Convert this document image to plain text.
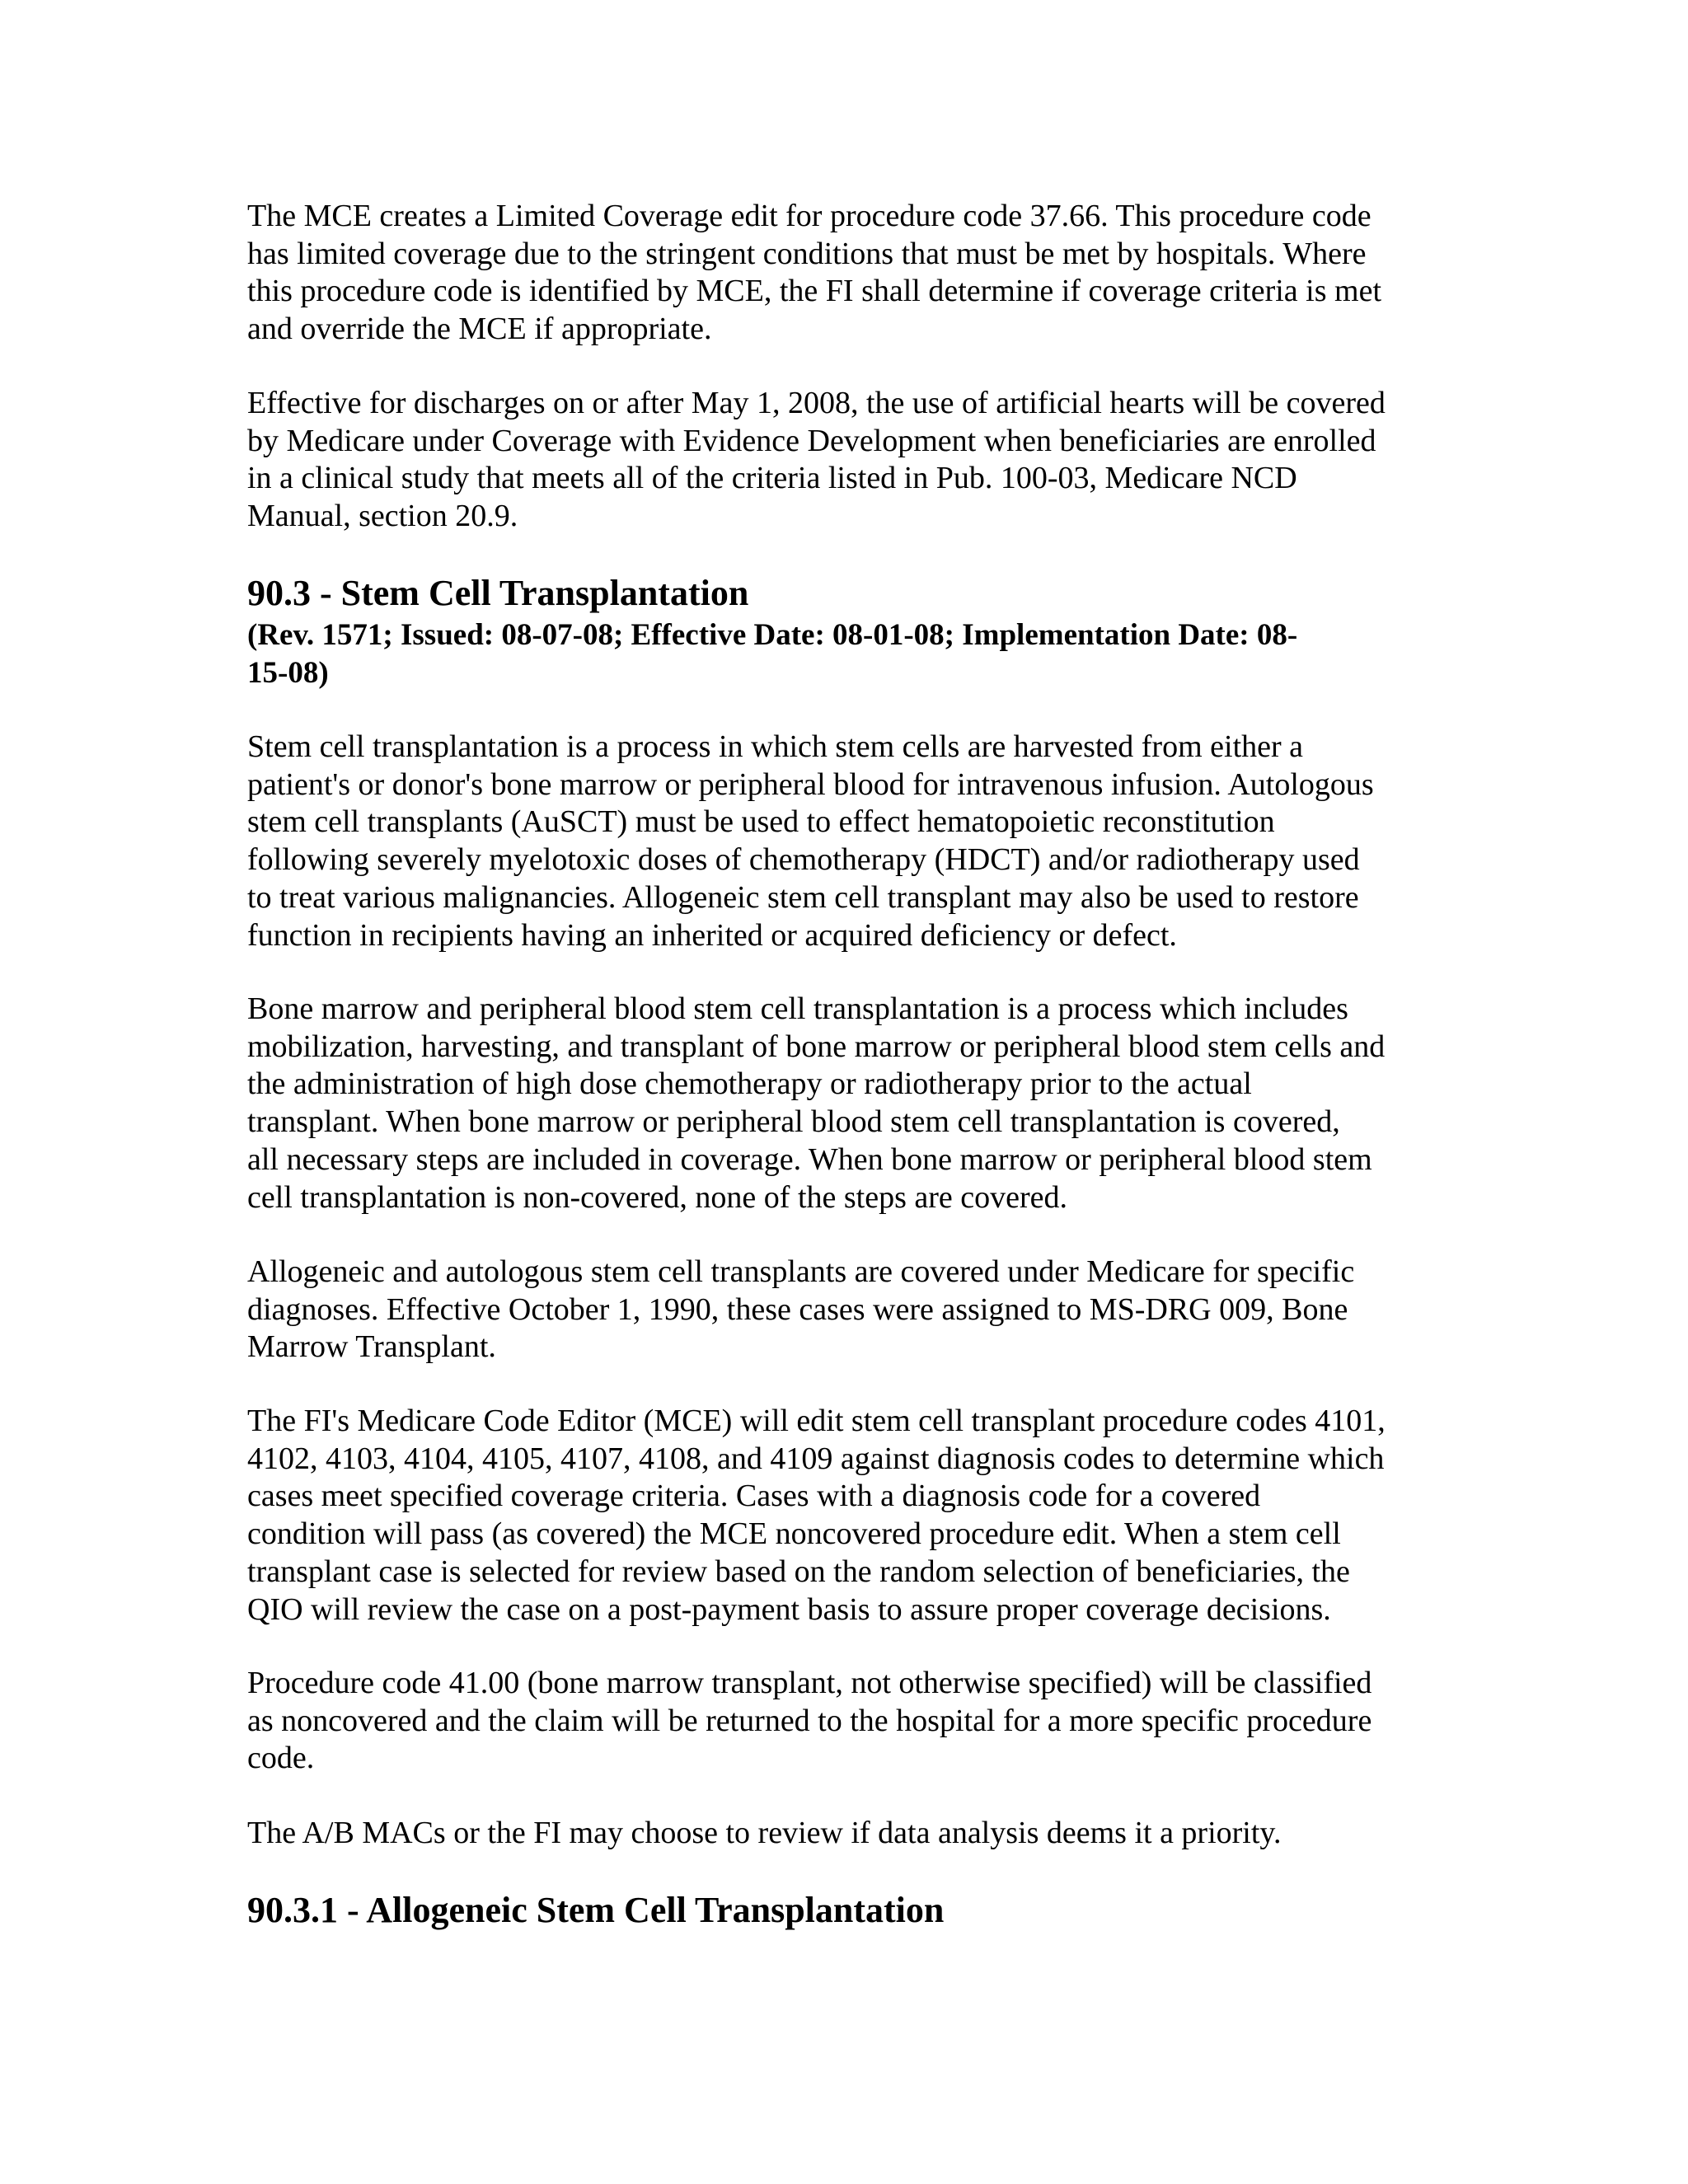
The MCE creates a Limited Coverage edit for procedure code 37.66. This procedure code
has limited coverage due to the stringent conditions that must be met by hospitals. Where
this procedure code is identified by MCE, the FI shall determine if coverage criteria is met
and override the MCE if appropriate.
Effective for discharges on or after May 1, 2008, the use of artificial hearts will be covered
by Medicare under Coverage with Evidence Development when beneficiaries are enrolled
in a clinical study that meets all of the criteria listed in Pub. 100-03, Medicare NCD
Manual, section 20.9.
90.3 - Stem Cell Transplantation
(Rev. 1571; Issued: 08-07-08; Effective Date: 08-01-08; Implementation Date: 08-
15-08)
Stem cell transplantation is a process in which stem cells are harvested from either a
patient's or donor's bone marrow or peripheral blood for intravenous infusion. Autologous
stem cell transplants (AuSCT) must be used to effect hematopoietic reconstitution
following severely myelotoxic doses of chemotherapy (HDCT) and/or radiotherapy used
to treat various malignancies. Allogeneic stem cell transplant may also be used to restore
function in recipients having an inherited or acquired deficiency or defect.
Bone marrow and peripheral blood stem cell transplantation is a process which includes
mobilization, harvesting, and transplant of bone marrow or peripheral blood stem cells and
the administration of high dose chemotherapy or radiotherapy prior to the actual
transplant. When bone marrow or peripheral blood stem cell transplantation is covered,
all necessary steps are included in coverage. When bone marrow or peripheral blood stem
cell transplantation is non-covered, none of the steps are covered.
Allogeneic and autologous stem cell transplants are covered under Medicare for specific
diagnoses. Effective October 1, 1990, these cases were assigned to MS-DRG 009, Bone
Marrow Transplant.
The FI's Medicare Code Editor (MCE) will edit stem cell transplant procedure codes 4101,
4102, 4103, 4104, 4105, 4107, 4108, and 4109 against diagnosis codes to determine which
cases meet specified coverage criteria. Cases with a diagnosis code for a covered
condition will pass (as covered) the MCE noncovered procedure edit. When a stem cell
transplant case is selected for review based on the random selection of beneficiaries, the
QIO will review the case on a post-payment basis to assure proper coverage decisions.
Procedure code 41.00 (bone marrow transplant, not otherwise specified) will be classified
as noncovered and the claim will be returned to the hospital for a more specific procedure
code.
The A/B MACs or the FI may choose to review if data analysis deems it a priority.
90.3.1 - Allogeneic Stem Cell Transplantation
